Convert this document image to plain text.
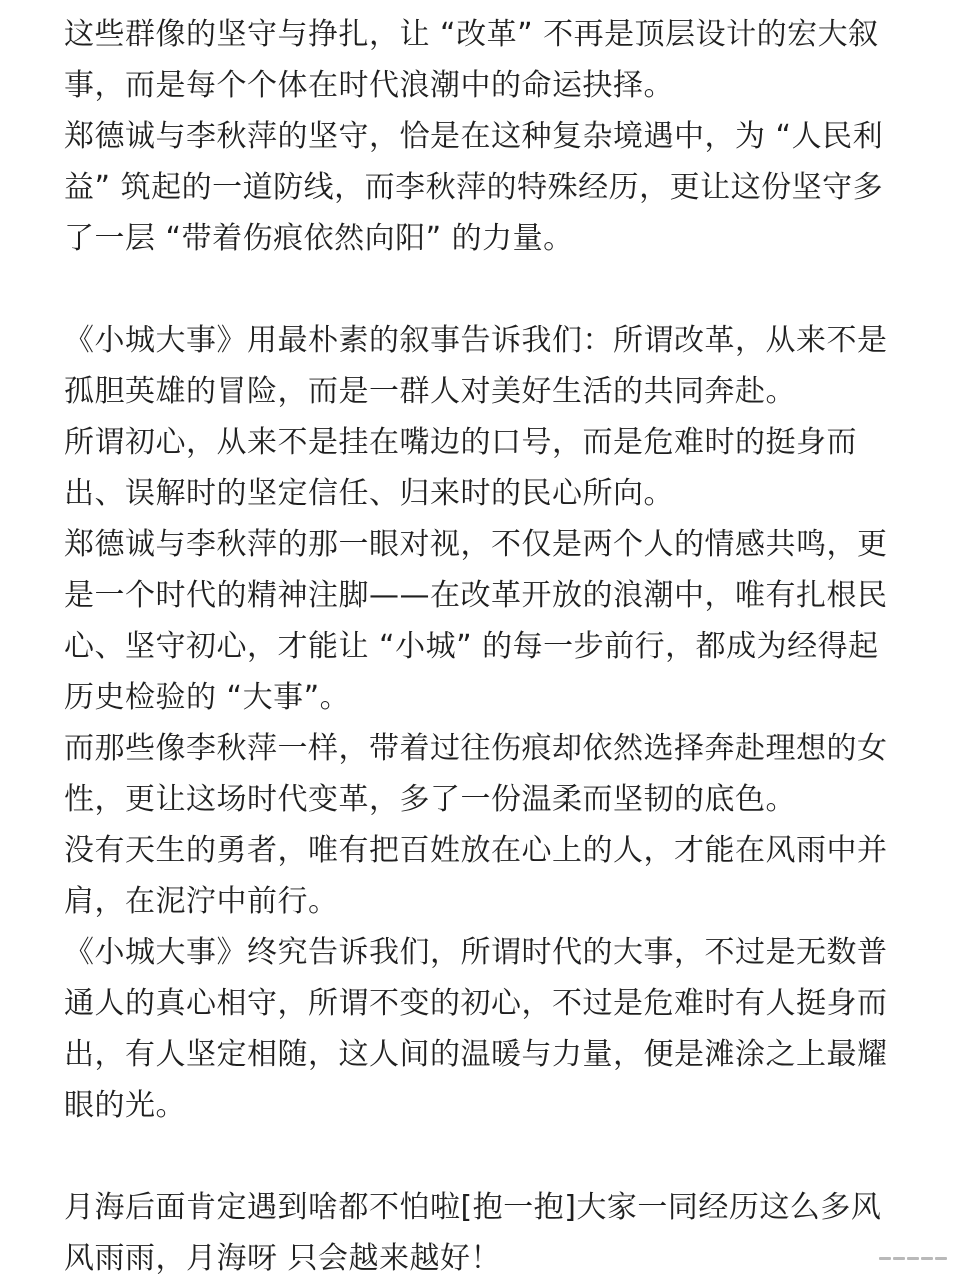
这些群像的坚守与挣扎，让 “改革” 不再是顶层设计的宏大叙事，而是每个个体在时代浪潮中的命运抉择。

郑德诚与李秋萍的坚守，恰是在这种复杂境遇中，为 “人民利益” 筑起的一道防线，而李秋萍的特殊经历，更让这份坚守多了一层 “带着伤痕依然向阳” 的力量。

《小城大事》用最朴素的叙事告诉我们：所谓改革，从来不是孤胆英雄的冒险，而是一群人对美好生活的共同奔赴。

所谓初心，从来不是挂在嘴边的口号，而是危难时的挺身而出、误解时的坚定信任、归来时的民心所向。

郑德诚与李秋萍的那一眼对视，不仅是两个人的情感共鸣，更是一个时代的精神注脚——在改革开放的浪潮中，唯有扎根民心、坚守初心，才能让 “小城” 的每一步前行，都成为经得起历史检验的 “大事”。

而那些像李秋萍一样，带着过往伤痕却依然选择奔赴理想的女性，更让这场时代变革，多了一份温柔而坚韧的底色。

没有天生的勇者，唯有把百姓放在心上的人，才能在风雨中并肩，在泥泞中前行。

《小城大事》终究告诉我们，所谓时代的大事，不过是无数普通人的真心相守，所谓不变的初心，不过是危难时有人挺身而出，有人坚定相随，这人间的温暖与力量，便是滩涂之上最耀眼的光。

月海后面肯定遇到啥都不怕啦[抱一抱]大家一同经历这么多风风雨雨，月海呀 只会越来越好！
